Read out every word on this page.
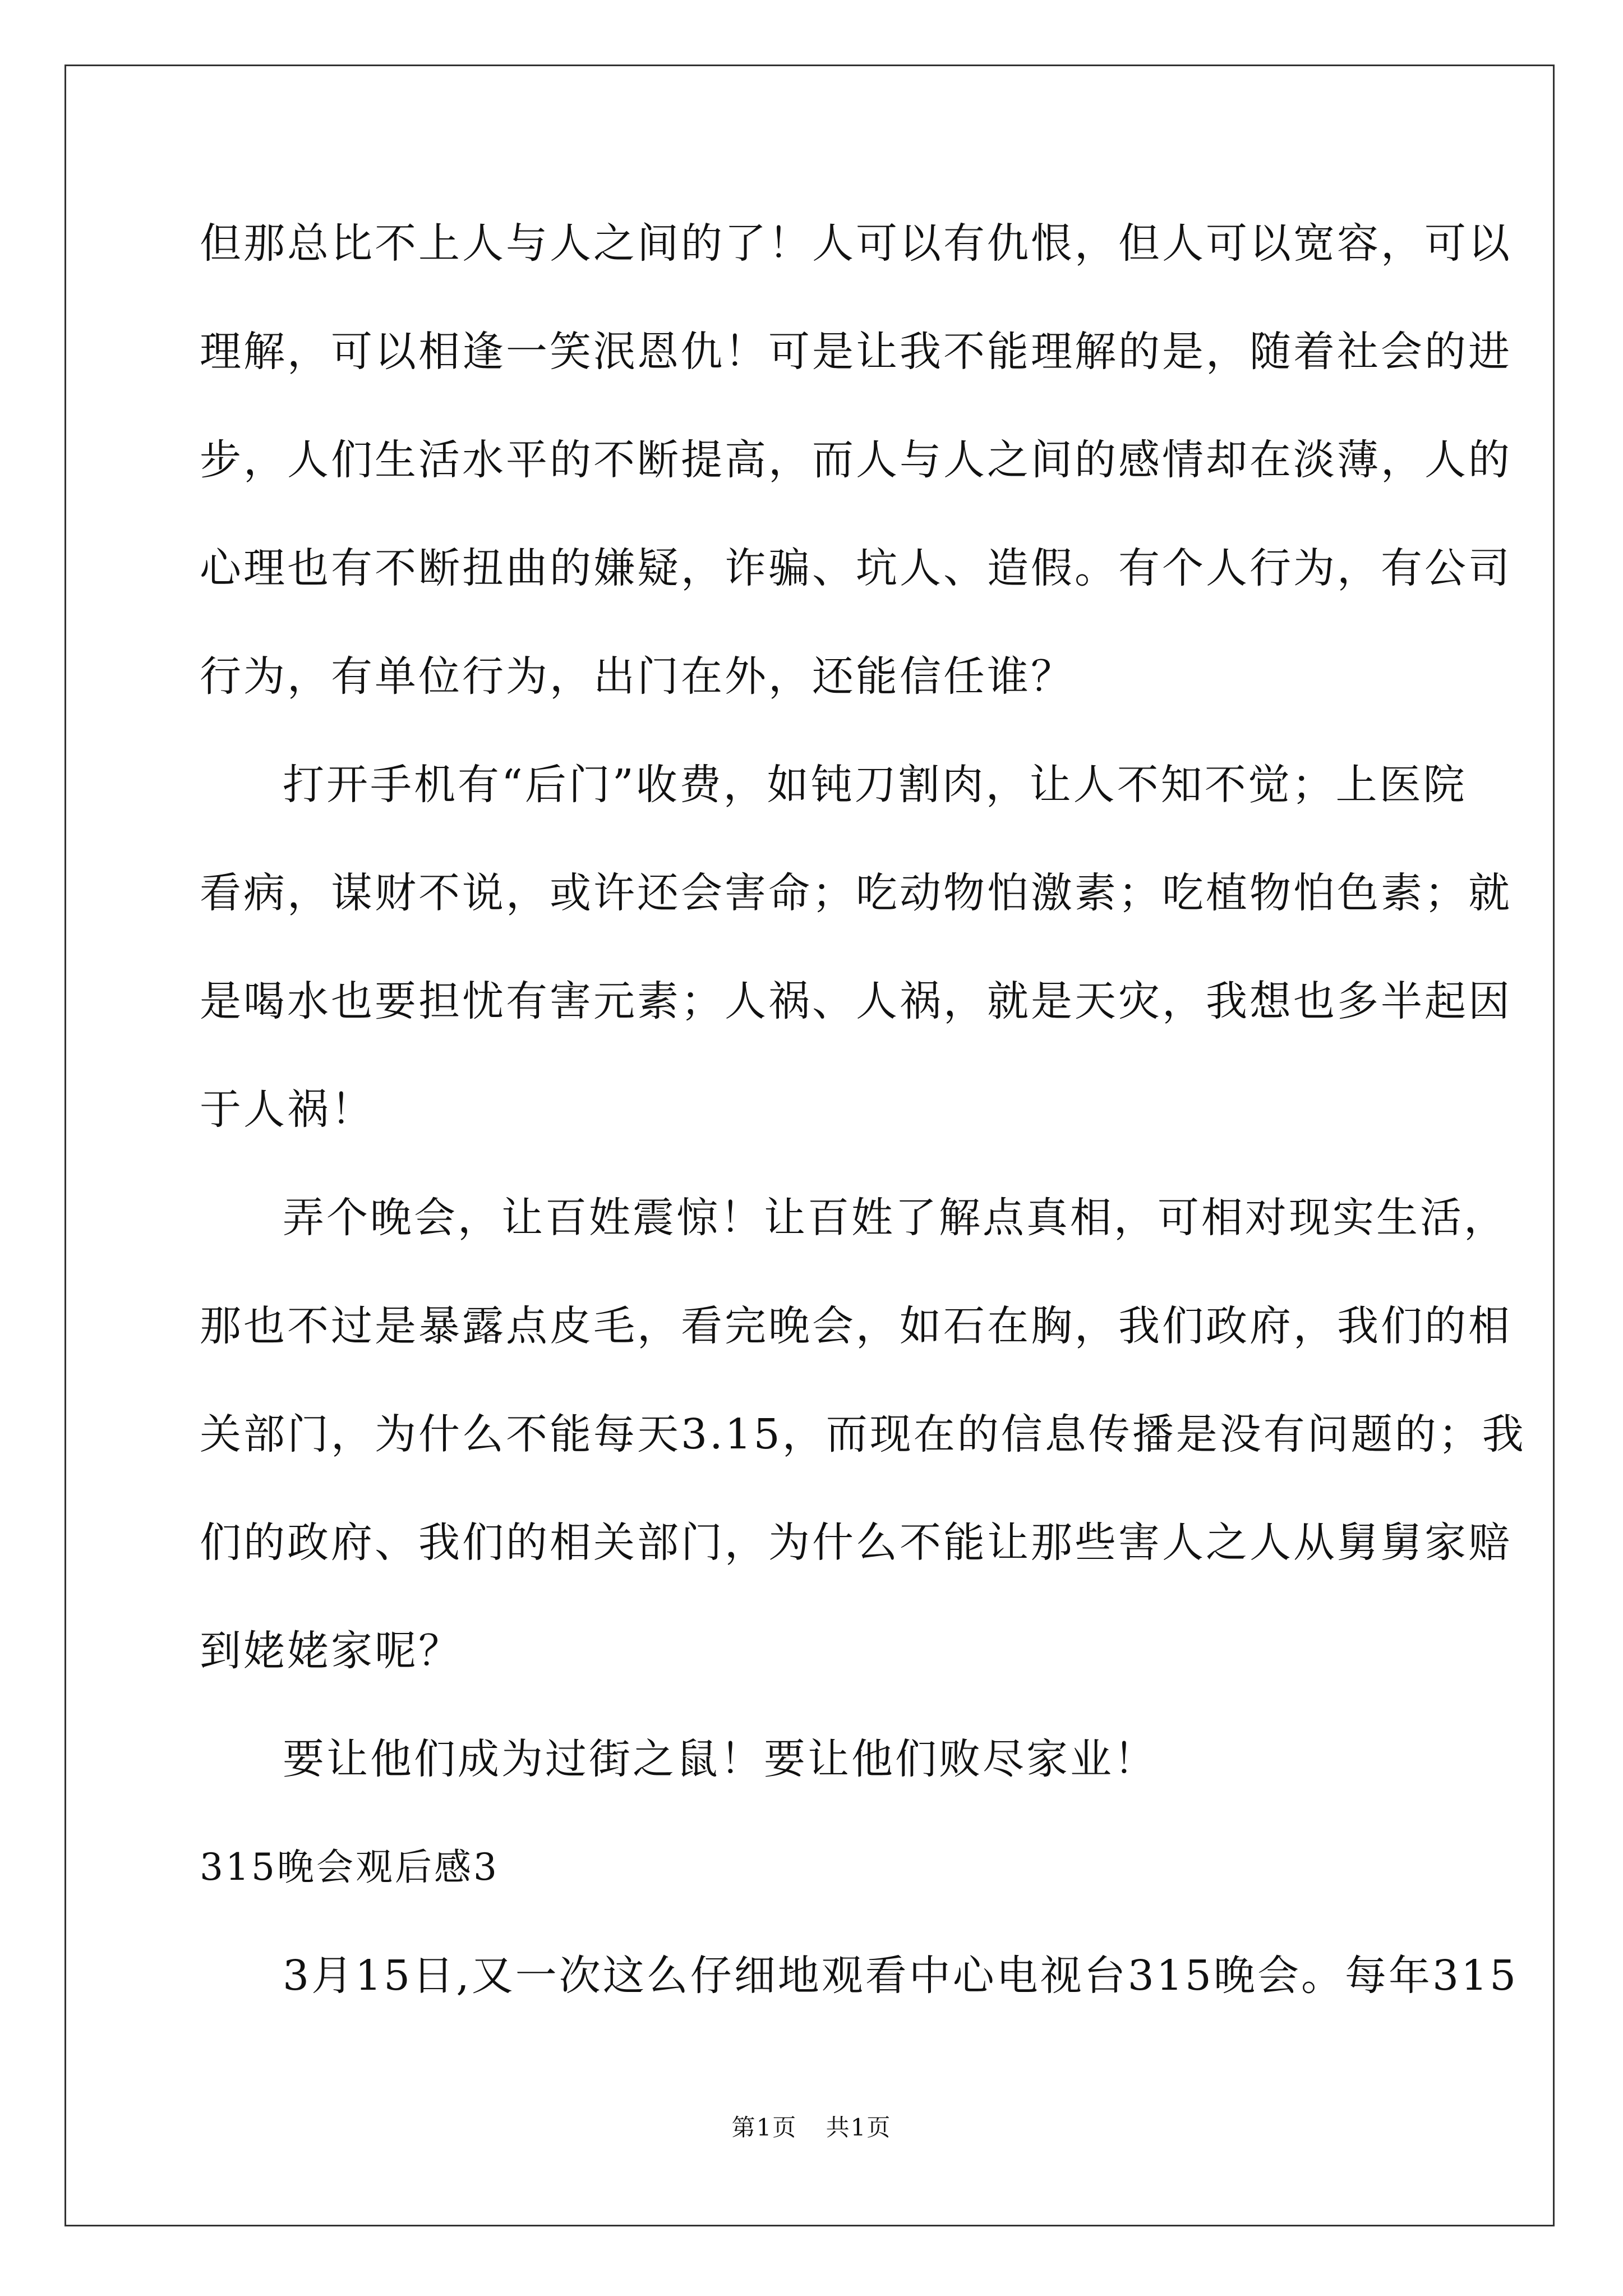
但那总比不上人与人之间的了！人可以有仇恨，但人可以宽容，可以
理解，可以相逢一笑泯恩仇！可是让我不能理解的是，随着社会的进
步，人们生活水平的不断提高，而人与人之间的感情却在淡薄，人的
心理也有不断扭曲的嫌疑，诈骗、坑人、造假。有个人行为，有公司
行为，有单位行为，出门在外，还能信任谁？
打开手机有“后门”收费，如钝刀割肉，让人不知不觉；上医院
看病，谋财不说，或许还会害命；吃动物怕激素；吃植物怕色素；就
是喝水也要担忧有害元素；人祸、人祸，就是天灾，我想也多半起因
于人祸！
弄个晚会，让百姓震惊！让百姓了解点真相，可相对现实生活，
那也不过是暴露点皮毛，看完晚会，如石在胸，我们政府，我们的相
关部门，为什么不能每天3.15，而现在的信息传播是没有问题的；我
们的政府、我们的相关部门，为什么不能让那些害人之人从舅舅家赔
到姥姥家呢？
要让他们成为过街之鼠！要让他们败尽家业！
315晚会观后感3
3月15日,又一次这么仔细地观看中心电视台315晚会。每年315
第1页 共1页
